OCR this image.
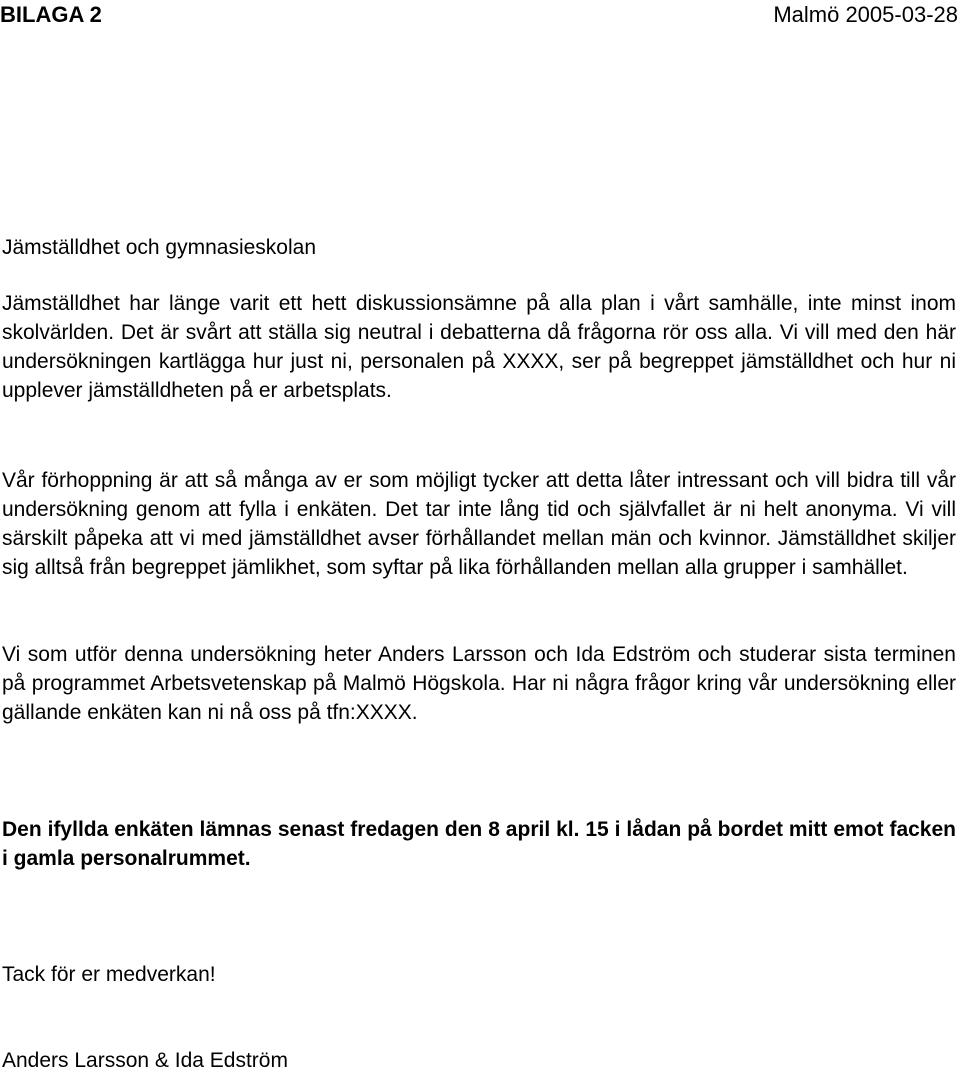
BILAGA 2	Malmö 2005-03-28

Jämställdhet och gymnasieskolan

Jämställdhet har länge varit ett hett diskussionsämne på alla plan i vårt samhälle, inte minst inom skolvärlden. Det är svårt att ställa sig neutral i debatterna då frågorna rör oss alla. Vi vill med den här undersökningen kartlägga hur just ni, personalen på XXXX, ser på begreppet jämställdhet och hur ni upplever jämställdheten på er arbetsplats.

Vår förhoppning är att så många av er som möjligt tycker att detta låter intressant och vill bidra till vår undersökning genom att fylla i enkäten. Det tar inte lång tid och självfallet är ni helt anonyma. Vi vill särskilt påpeka att vi med jämställdhet avser förhållandet mellan män och kvinnor. Jämställdhet skiljer sig alltså från begreppet jämlikhet, som syftar på lika förhållanden mellan alla grupper i samhället.

Vi som utför denna undersökning heter Anders Larsson och Ida Edström och studerar sista terminen på programmet Arbetsvetenskap på Malmö Högskola. Har ni några frågor kring vår undersökning eller gällande enkäten kan ni nå oss på tfn:XXXX.

Den ifyllda enkäten lämnas senast fredagen den 8 april kl. 15 i lådan på bordet mitt emot facken i gamla personalrummet.

Tack för er medverkan!

Anders Larsson & Ida Edström
